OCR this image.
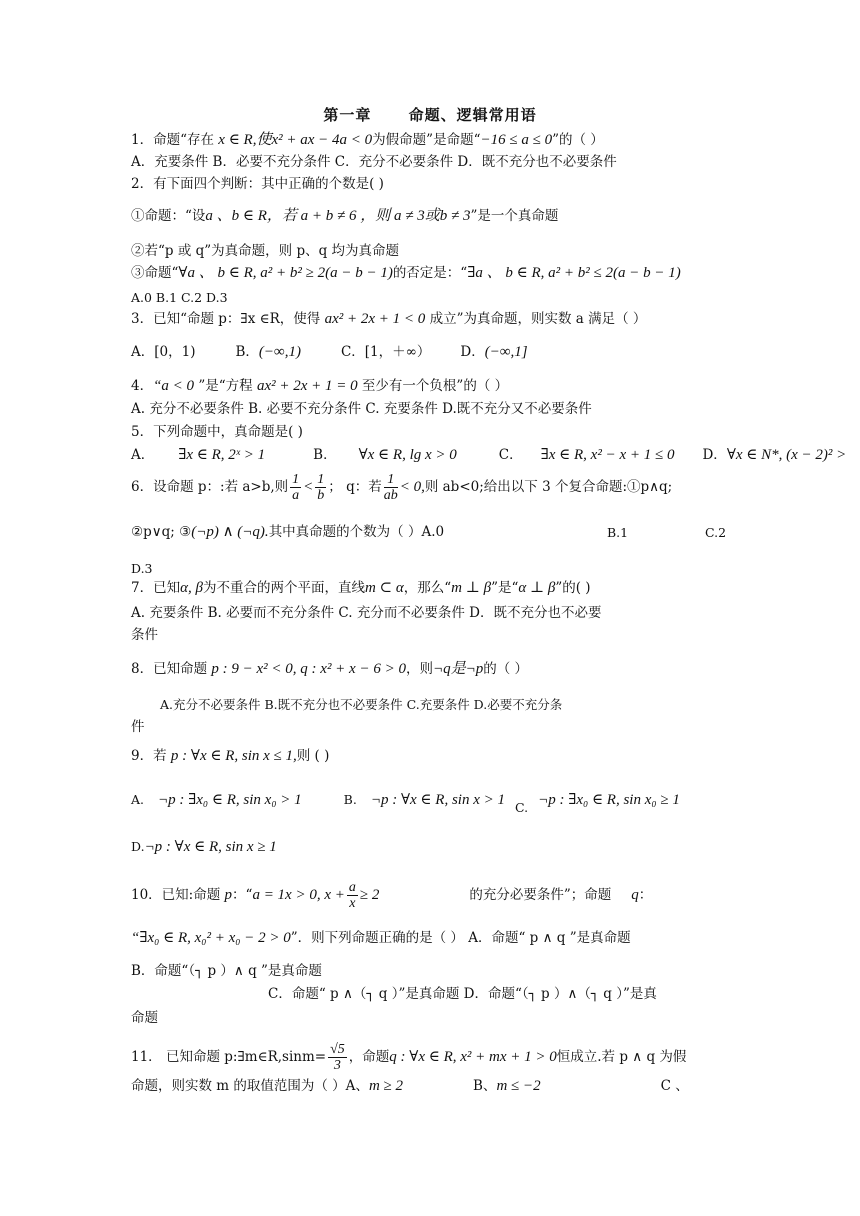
第一章      命题、逻辑常用语
1．命题“存在 x ∈ R,使x² + ax − 4a < 0为假命题”是命题“−16 ≤ a ≤ 0”的（ ）
A．充要条件 B．必要不充分条件 C．充分不必要条件 D．既不充分也不必要条件
2．有下面四个判断：其中正确的个数是( )
①命题：“设a 、b ∈ R，若 a + b ≠ 6 ，则 a ≠ 3或b ≠ 3”是一个真命题
②若“p 或 q”为真命题，则 p、q 均为真命题
③命题“∀a 、 b ∈ R, a² + b² ≥ 2(a − b − 1)的否定是：“∃a 、 b ∈ R, a² + b² ≤ 2(a − b − 1)
A.0 B.1 C.2 D.3
3．已知“命题 p：∃x ∈R，使得 ax² + 2x + 1 < 0 成立”为真命题，则实数 a 满足（ ）
A．[0，1)	B．(−∞,1)	C．[1，＋∞） D．(−∞,1]
4．“a < 0 ”是“方程 ax² + 2x + 1 = 0 至少有一个负根”的（ ）
A. 充分不必要条件 B. 必要不充分条件 C. 充要条件 D.既不充分又不必要条件
5．下列命题中，真命题是( )
A． ∃x ∈ R, 2ˣ > 1	B． ∀x ∈ R, lg x > 0	C． ∃x ∈ R, x² − x + 1 ≤ 0 D．∀x ∈ N*, (x − 2)² >
6．设命题 p：:若 a>b,则 $\frac{1}{a} < \frac{1}{b}$ ； q：若 $\frac{1}{ab} < 0$,则 ab<0;给出以下 3 个复合命题:①p∧q;
②p∨q; ③(¬p) ∧ (¬q).其中真命题的个数为（ ）A.0	B.1	C.2
D.3
7．已知α, β为不重合的两个平面，直线m ⊂ α，那么“m ⊥ β”是“α ⊥ β”的( )
A. 充要条件 B. 必要而不充分条件 C. 充分而不必要条件 D．既不充分也不必要
条件
8．已知命题 p : 9 − x² < 0, q : x² + x − 6 > 0，则¬q是¬p的（ ）
A.充分不必要条件 B.既不充分也不必要条件 C.充要条件 D.必要不充分条
件
9．若 p : ∀x ∈ R, sin x ≤ 1,则 ( )
A. ¬p : ∃x₀ ∈ R, sin x₀ > 1	B. ¬p : ∀x ∈ R, sin x > 1 C. ¬p : ∃x₀ ∈ R, sin x₀ ≥ 1
D.¬p : ∀x ∈ R, sin x ≥ 1
10．已知:命题 p：“a = 1x > 0, $x + \frac{a}{x} \ge 2$	的充分必要条件”；命题 q：
“∃x₀ ∈ R, x₀² + x₀ − 2 > 0”．则下列命题正确的是（ ） A．命题“ p ∧ q ”是真命题
B．命题“（┐ p ）∧ q ”是真命题
C．命题“ p ∧（┐ q ）”是真命题 D．命题“（┐ p ）∧（┐ q ）”是真
命题
11． 已知命题 p:∃m∈R,sinm= $\frac{√5}{3}$ ，命题q : ∀x ∈ R, x² + mx + 1 > 0恒成立.若 p ∧ q 为假
命题，则实数 m 的取值范围为（ ）A、m ≥ 2	B、m ≤ −2	C 、
